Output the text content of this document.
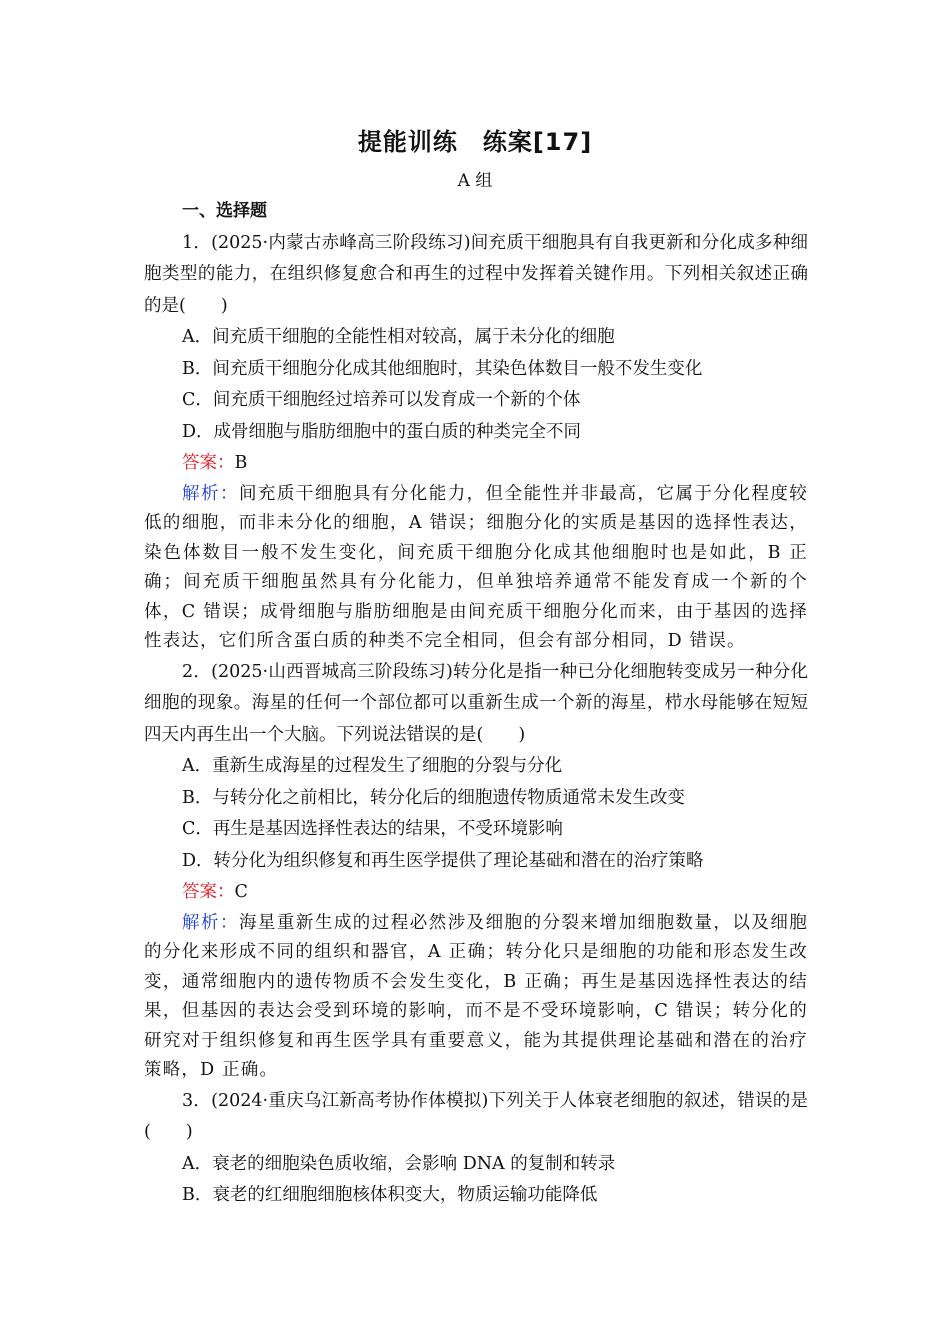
提能训练　练案[17]
A 组

一、选择题

1．(2025·内蒙古赤峰高三阶段练习)间充质干细胞具有自我更新和分化成多种细胞类型的能力，在组织修复愈合和再生的过程中发挥着关键作用。下列相关叙述正确的是(　　)

A．间充质干细胞的全能性相对较高，属于未分化的细胞

B．间充质干细胞分化成其他细胞时，其染色体数目一般不发生变化

C．间充质干细胞经过培养可以发育成一个新的个体

D．成骨细胞与脂肪细胞中的蛋白质的种类完全不同

答案：B

解析：间充质干细胞具有分化能力，但全能性并非最高，它属于分化程度较低的细胞，而非未分化的细胞，A 错误；细胞分化的实质是基因的选择性表达，染色体数目一般不发生变化，间充质干细胞分化成其他细胞时也是如此，B 正确；间充质干细胞虽然具有分化能力，但单独培养通常不能发育成一个新的个体，C 错误；成骨细胞与脂肪细胞是由间充质干细胞分化而来，由于基因的选择性表达，它们所含蛋白质的种类不完全相同，但会有部分相同，D 错误。

2．(2025·山西晋城高三阶段练习)转分化是指一种已分化细胞转变成另一种分化细胞的现象。海星的任何一个部位都可以重新生成一个新的海星，栉水母能够在短短四天内再生出一个大脑。下列说法错误的是(　　)

A．重新生成海星的过程发生了细胞的分裂与分化

B．与转分化之前相比，转分化后的细胞遗传物质通常未发生改变

C．再生是基因选择性表达的结果，不受环境影响

D．转分化为组织修复和再生医学提供了理论基础和潜在的治疗策略

答案：C

解析：海星重新生成的过程必然涉及细胞的分裂来增加细胞数量，以及细胞的分化来形成不同的组织和器官，A 正确；转分化只是细胞的功能和形态发生改变，通常细胞内的遗传物质不会发生变化，B 正确；再生是基因选择性表达的结果，但基因的表达会受到环境的影响，而不是不受环境影响，C 错误；转分化的研究对于组织修复和再生医学具有重要意义，能为其提供理论基础和潜在的治疗策略，D 正确。

3．(2024·重庆乌江新高考协作体模拟)下列关于人体衰老细胞的叙述，错误的是(　　)

A．衰老的细胞染色质收缩，会影响 DNA 的复制和转录

B．衰老的红细胞细胞核体积变大，物质运输功能降低
